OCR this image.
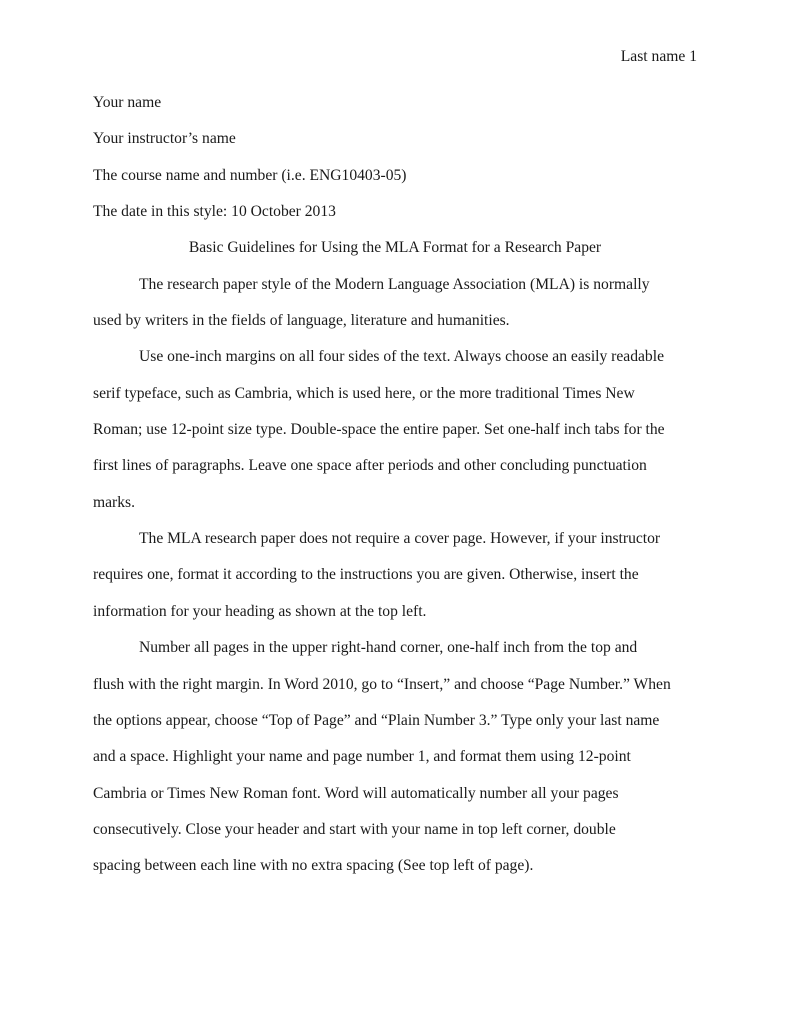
Last name 1
Your name
Your instructor’s name
The course name and number (i.e. ENG10403-05)
The date in this style: 10 October 2013
Basic Guidelines for Using the MLA Format for a Research Paper
The research paper style of the Modern Language Association (MLA) is normally
used by writers in the fields of language, literature and humanities.
Use one-inch margins on all four sides of the text. Always choose an easily readable
serif typeface, such as Cambria, which is used here, or the more traditional Times New
Roman; use 12-point size type. Double-space the entire paper. Set one-half inch tabs for the
first lines of paragraphs. Leave one space after periods and other concluding punctuation
marks.
The MLA research paper does not require a cover page. However, if your instructor
requires one, format it according to the instructions you are given. Otherwise, insert the
information for your heading as shown at the top left.
Number all pages in the upper right-hand corner, one-half inch from the top and
flush with the right margin. In Word 2010, go to “Insert,” and choose “Page Number.” When
the options appear, choose “Top of Page” and “Plain Number 3.” Type only your last name
and a space. Highlight your name and page number 1, and format them using 12-point
Cambria or Times New Roman font. Word will automatically number all your pages
consecutively. Close your header and start with your name in top left corner, double
spacing between each line with no extra spacing (See top left of page).
